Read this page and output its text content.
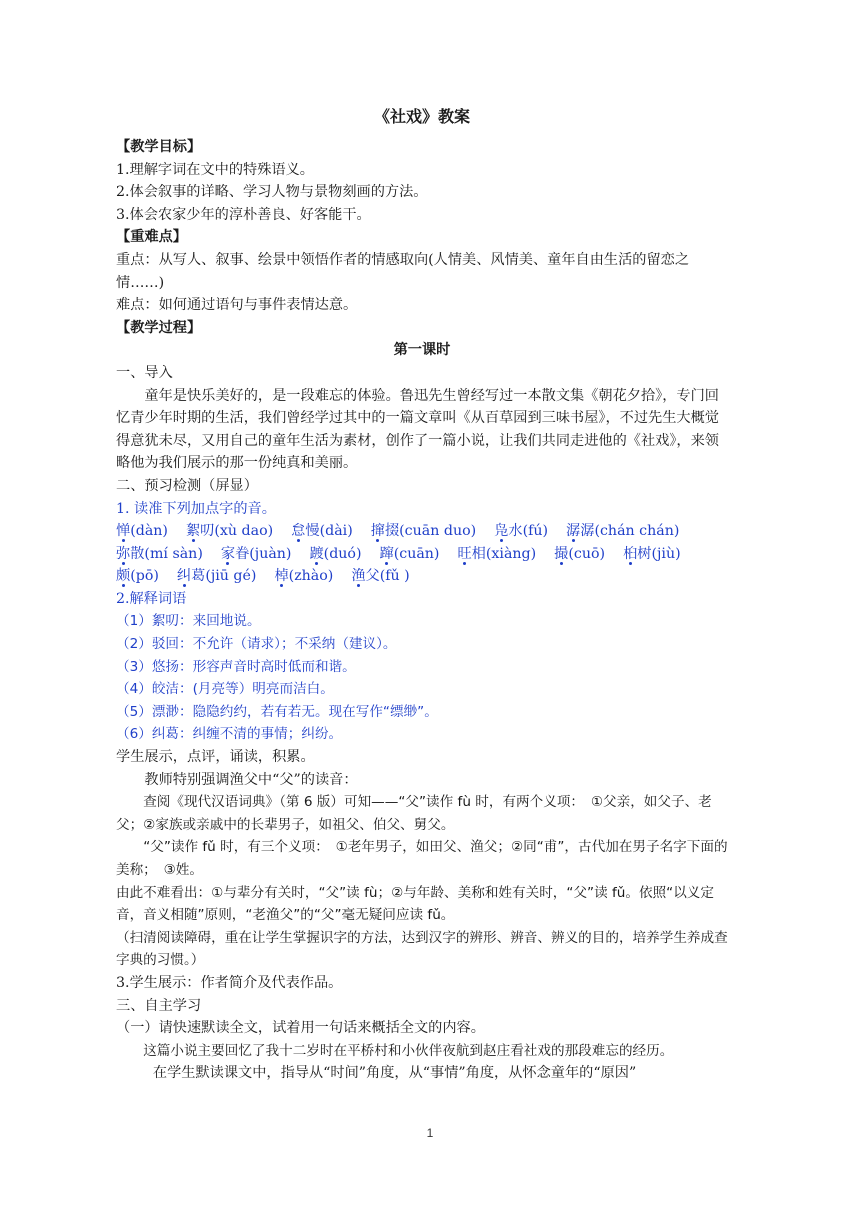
《社戏》教案

【教学目标】

1.理解字词在文中的特殊语义。

2.体会叙事的详略、学习人物与景物刻画的方法。

3.体会农家少年的淳朴善良、好客能干。

【重难点】

重点：从写人、叙事、绘景中领悟作者的情感取向(人情美、风情美、童年自由生活的留恋之情……)

难点：如何通过语句与事件表情达意。

【教学过程】

第一课时

一、导入

童年是快乐美好的，是一段难忘的体验。鲁迅先生曾经写过一本散文集《朝花夕拾》，专门回忆青少年时期的生活，我们曾经学过其中的一篇文章叫《从百草园到三味书屋》，不过先生大概觉得意犹未尽，又用自己的童年生活为素材，创作了一篇小说，让我们共同走进他的《社戏》，来领略他为我们展示的那一份纯真和美丽。

二、预习检测（屏显）

1. 读准下列加点字的音。

惮(dàn) 絮叨(xù dao) 怠慢(dài) 撺掇(cuān duo) 凫水(fú) 潺潺(chán chán)

弥散(mí sàn) 家眷(juàn) 踱(duó) 蹿(cuān) 旺相(xiàng) 撮(cuō) 桕树(jiù)

颇(pō) 纠葛(jiū gé) 棹(zhào) 渔父(fǔ )

2.解释词语

（1）絮叨：来回地说。

（2）驳回：不允许（请求）；不采纳（建议）。

（3）悠扬：形容声音时高时低而和谐。

（4）皎洁：(月亮等）明亮而洁白。

（5）漂渺：隐隐约约，若有若无。现在写作“缥缈”。

（6）纠葛：纠缠不清的事情；纠纷。

学生展示，点评，诵读，积累。

教师特别强调渔父中“父”的读音：

查阅《现代汉语词典》（第 6 版）可知——“父”读作 fù 时，有两个义项：　①父亲，如父子、老父；②家族或亲戚中的长辈男子，如祖父、伯父、舅父。

“父”读作 fǔ 时，有三个义项：　①老年男子，如田父、渔父；②同“甫”，古代加在男子名字下面的美称；　③姓。

由此不难看出：①与辈分有关时，“父”读 fù；②与年龄、美称和姓有关时，“父”读 fǔ。依照“以义定音，音义相随”原则，“老渔父”的“父”毫无疑问应读 fǔ。

（扫清阅读障碍，重在让学生掌握识字的方法，达到汉字的辨形、辨音、辨义的目的，培养学生养成查字典的习惯。）

3.学生展示：作者简介及代表作品。

三、自主学习

（一）请快速默读全文，试着用一句话来概括全文的内容。

这篇小说主要回忆了我十二岁时在平桥村和小伙伴夜航到赵庄看社戏的那段难忘的经历。

在学生默读课文中，指导从“时间”角度，从“事情”角度，从怀念童年的“原因”

1
